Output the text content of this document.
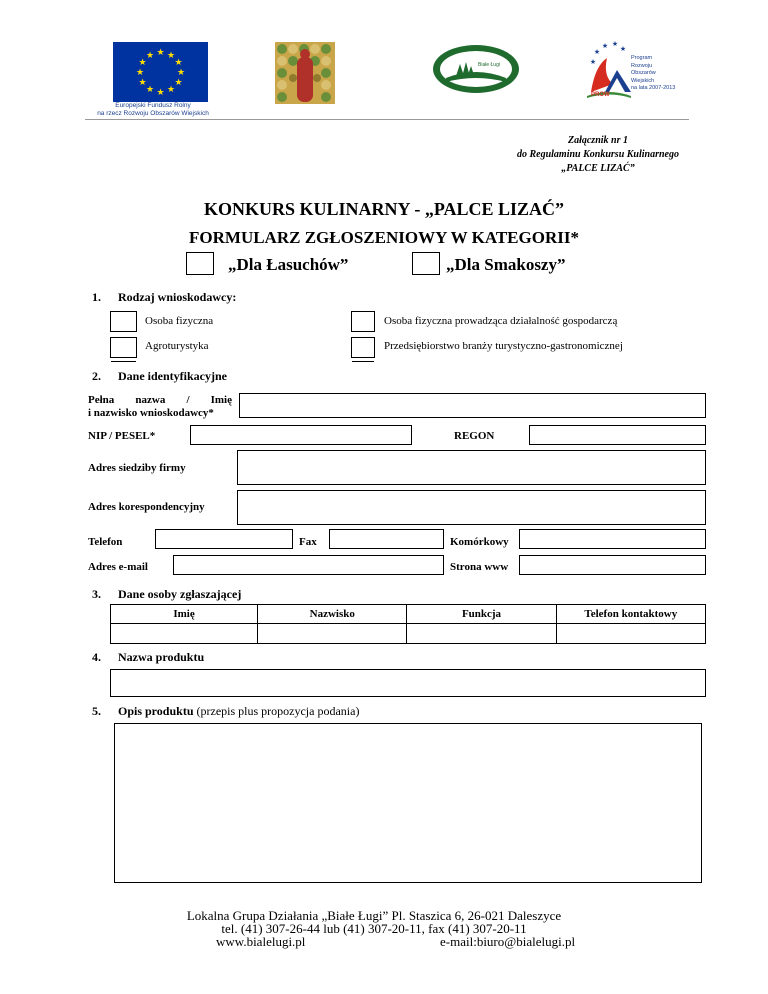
★ ★
★
★
★
★
★
★
★
★
★
★
Europejski Fundusz Rolny
na rzecz Rozwoju Obszarów Wiejskich
Białe Ługi
★
★ ★
★
★
PROW
Program
Rozwoju
Obszarów
Wiejskich
na lata 2007-2013
Załącznik nr 1
do Regulaminu Konkursu Kulinarnego
„PALCE LIZAĆ”
KONKURS KULINARNY - „PALCE LIZAĆ”
FORMULARZ ZGŁOSZENIOWY W KATEGORII*
„Dla Łasuchów”	„Dla Smakoszy”
1. Rodzaj wnioskodawcy:
Osoba fizyczna	Osoba fizyczna prowadząca działalność gospodarczą
Agroturystyka	Przedsiębiorstwo branży turystyczno-gastronomicznej
2. Dane identyfikacyjne
Pełna nazwa / Imię
i nazwisko wnioskodawcy*
NIP / PESEL*	REGON
Adres siedziby firmy
Adres korespondencyjny
Telefon	Fax	Komórkowy
Adres e-mail	Strona www
3. Dane osoby zgłaszającej
Imię	Nazwisko	Funkcja	Telefon kontaktowy

4. Nazwa produktu
5. Opis produktu (przepis plus propozycja podania)
Lokalna Grupa Działania „Białe Ługi” Pl. Staszica 6, 26-021 Daleszyce
tel. (41) 307-26-44 lub (41) 307-20-11, fax (41) 307-20-11
www.bialelugi.pl	e-mail:biuro@bialelugi.pl
